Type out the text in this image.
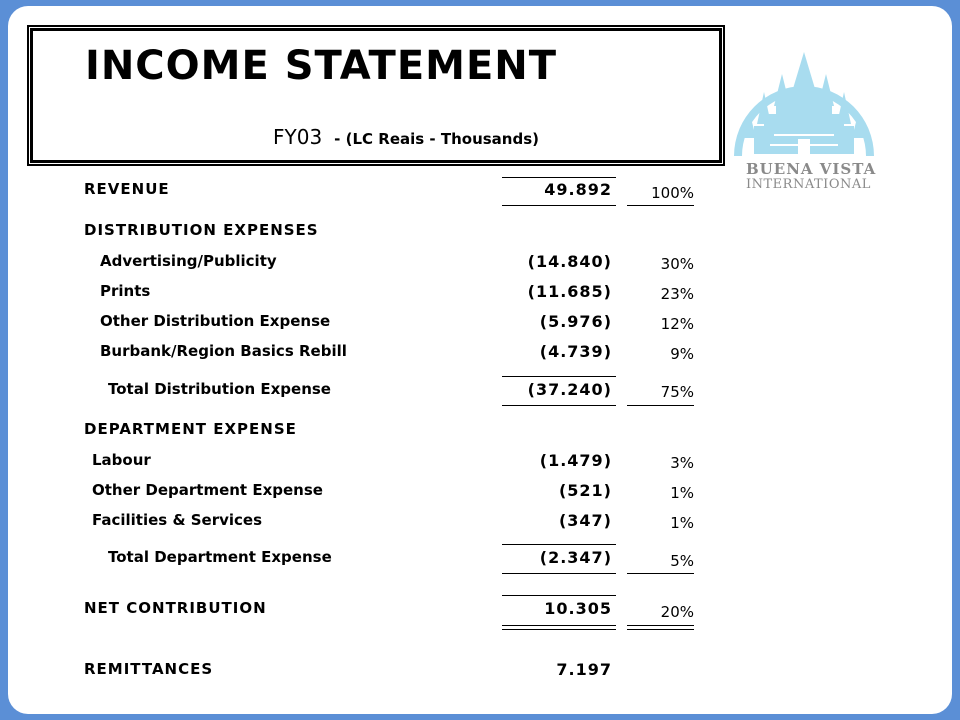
INCOME STATEMENT
FY03 - (LC Reais - Thousands)
BUENA VISTA
INTERNATIONAL
REVENUE	49.892	100%
DISTRIBUTION EXPENSES
Advertising/Publicity	(14.840)	30%
Prints	(11.685)	23%
Other Distribution Expense	(5.976)	12%
Burbank/Region Basics Rebill	(4.739)	9%
Total Distribution Expense	(37.240)	75%
DEPARTMENT EXPENSE
Labour	(1.479)	3%
Other Department Expense	(521)	1%
Facilities & Services	(347)	1%
Total Department Expense	(2.347)	5%
NET CONTRIBUTION	10.305	20%
REMITTANCES	7.197
